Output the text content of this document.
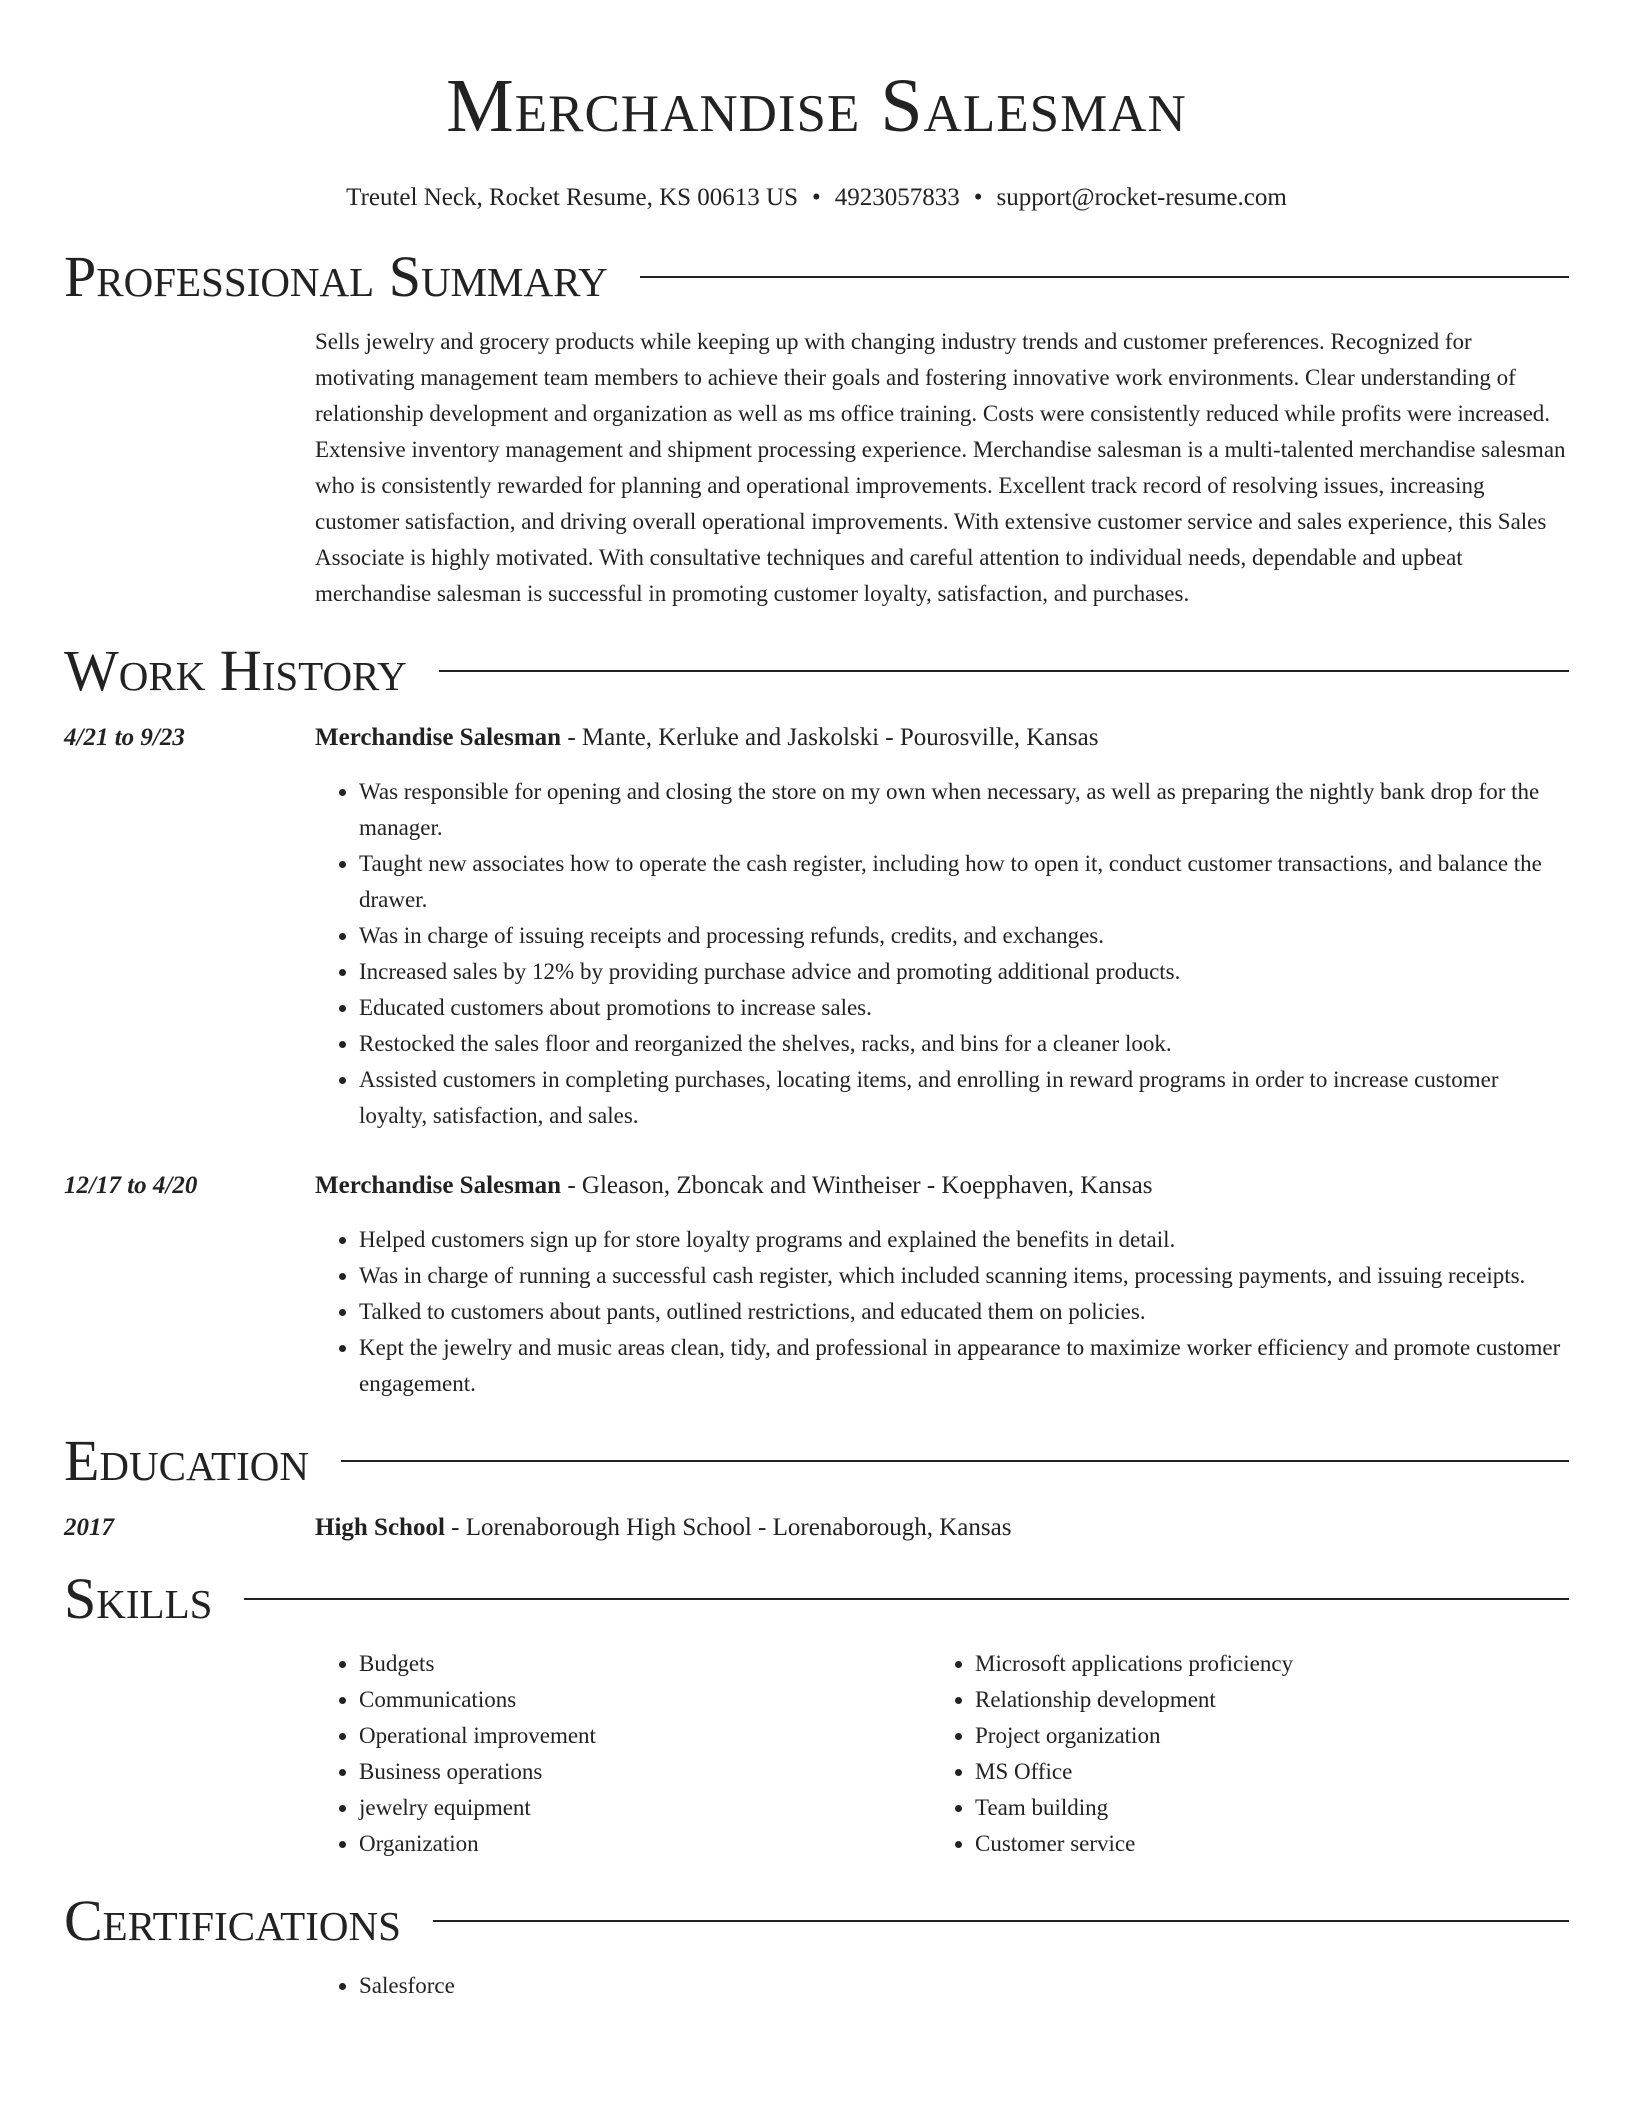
Merchandise Salesman
Treutel Neck, Rocket Resume, KS 00613 US • 4923057833 • support@rocket-resume.com
Professional Summary

Sells jewelry and grocery products while keeping up with changing industry trends and customer preferences. Recognized for motivating management team members to achieve their goals and fostering innovative work environments. Clear understanding of relationship development and organization as well as ms office training. Costs were consistently reduced while profits were increased. Extensive inventory management and shipment processing experience. Merchandise salesman is a multi-talented merchandise salesman who is consistently rewarded for planning and operational improvements. Excellent track record of resolving issues, increasing customer satisfaction, and driving overall operational improvements. With extensive customer service and sales experience, this Sales Associate is highly motivated. With consultative techniques and careful attention to individual needs, dependable and upbeat merchandise salesman is successful in promoting customer loyalty, satisfaction, and purchases.

Work History
4/21 to 9/23	Merchandise Salesman - Mante, Kerluke and Jaskolski - Pourosville, Kansas
• Was responsible for opening and closing the store on my own when necessary, as well as preparing the nightly bank drop for the manager.
• Taught new associates how to operate the cash register, including how to open it, conduct customer transactions, and balance the drawer.
• Was in charge of issuing receipts and processing refunds, credits, and exchanges.
• Increased sales by 12% by providing purchase advice and promoting additional products.
• Educated customers about promotions to increase sales.
• Restocked the sales floor and reorganized the shelves, racks, and bins for a cleaner look.
• Assisted customers in completing purchases, locating items, and enrolling in reward programs in order to increase customer loyalty, satisfaction, and sales.
12/17 to 4/20	Merchandise Salesman - Gleason, Zboncak and Wintheiser - Koepphaven, Kansas
• Helped customers sign up for store loyalty programs and explained the benefits in detail.
• Was in charge of running a successful cash register, which included scanning items, processing payments, and issuing receipts.
• Talked to customers about pants, outlined restrictions, and educated them on policies.
• Kept the jewelry and music areas clean, tidy, and professional in appearance to maximize worker efficiency and promote customer engagement.
Education
2017	High School - Lorenaborough High School - Lorenaborough, Kansas
Skills
• Budgets
• Communications
• Operational improvement
• Business operations
• jewelry equipment
• Organization
• Microsoft applications proficiency
• Relationship development
• Project organization
• MS Office
• Team building
• Customer service
Certifications
• Salesforce
